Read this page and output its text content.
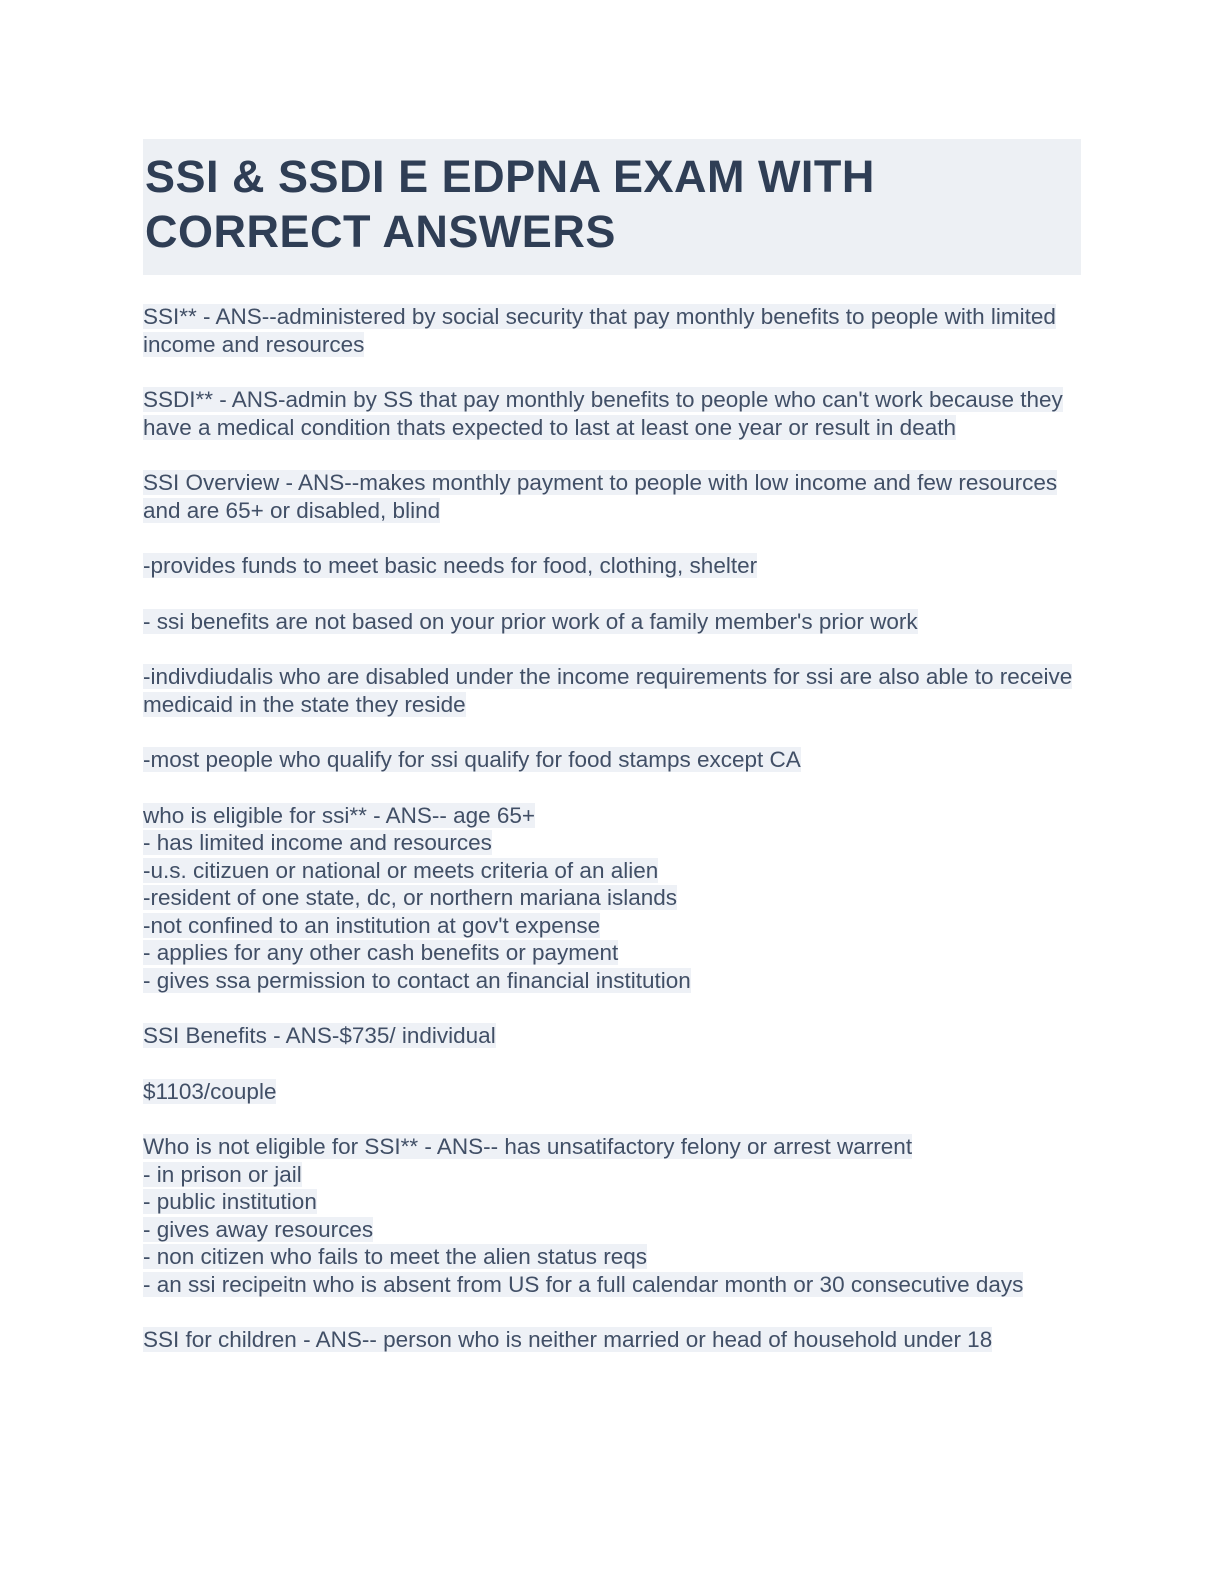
SSI & SSDI E EDPNA EXAM WITH
CORRECT ANSWERS

SSI** - ANS--administered by social security that pay monthly benefits to people with limited income and resources

SSDI** - ANS-admin by SS that pay monthly benefits to people who can't work because they have a medical condition thats expected to last at least one year or result in death

SSI Overview - ANS--makes monthly payment to people with low income and few resources and are 65+ or disabled, blind

-provides funds to meet basic needs for food, clothing, shelter

- ssi benefits are not based on your prior work of a family member's prior work

-indivdiudalis who are disabled under the income requirements for ssi are also able to receive medicaid in the state they reside

-most people who qualify for ssi qualify for food stamps except CA

who is eligible for ssi** - ANS-- age 65+
- has limited income and resources
-u.s. citizuen or national or meets criteria of an alien
-resident of one state, dc, or northern mariana islands
-not confined to an institution at gov't expense
- applies for any other cash benefits or payment
- gives ssa permission to contact an financial institution

SSI Benefits - ANS-$735/ individual

$1103/couple

Who is not eligible for SSI** - ANS-- has unsatifactory felony or arrest warrent
- in prison or jail
- public institution
- gives away resources
- non citizen who fails to meet the alien status reqs
- an ssi recipeitn who is absent from US for a full calendar month or 30 consecutive days

SSI for children - ANS-- person who is neither married or head of household under 18
